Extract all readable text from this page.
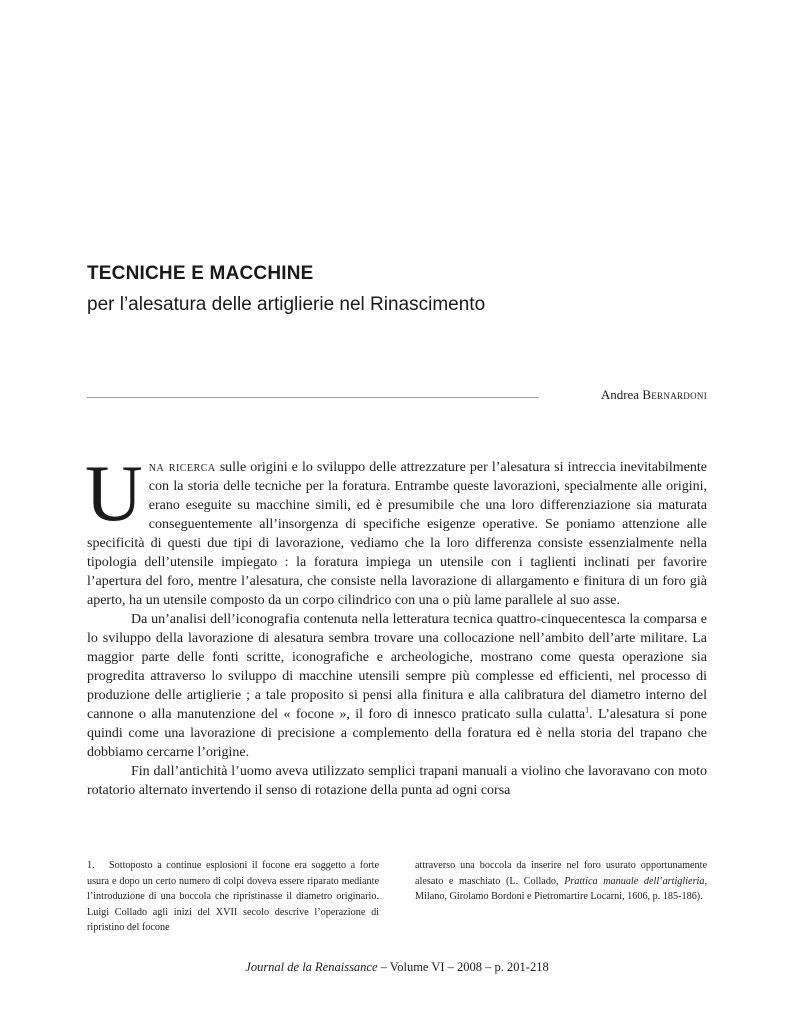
TECNICHE E MACCHINE
per l’alesatura delle artiglierie nel Rinascimento
Andrea Bernardoni

Una ricerca sulle origini e lo sviluppo delle attrezzature per l’alesatura si intreccia inevitabilmente con la storia delle tecniche per la foratura. Entrambe queste lavorazioni, specialmente alle origini, erano eseguite su macchine simili, ed è presumibile che una loro differenziazione sia maturata conseguentemente all’insorgenza di specifiche esigenze operative. Se poniamo attenzione alle specificità di questi due tipi di lavorazione, vediamo che la loro differenza consiste essenzialmente nella tipologia dell’utensile impiegato : la foratura impiega un utensile con i taglienti inclinati per favorire l’apertura del foro, mentre l’alesatura, che consiste nella lavorazione di allargamento e finitura di un foro già aperto, ha un utensile composto da un corpo cilindrico con una o più lame parallele al suo asse.

Da un’analisi dell’iconografia contenuta nella letteratura tecnica quattro-cinquecentesca la comparsa e lo sviluppo della lavorazione di alesatura sembra trovare una collocazione nell’ambito dell’arte militare. La maggior parte delle fonti scritte, iconografiche e archeologiche, mostrano come questa operazione sia progredita attraverso lo sviluppo di macchine utensili sempre più complesse ed efficienti, nel processo di produzione delle artiglierie ; a tale proposito si pensi alla finitura e alla calibratura del diametro interno del cannone o alla manutenzione del « focone », il foro di innesco praticato sulla culatta$^1$. L’alesatura si pone quindi come una lavorazione di precisione a complemento della foratura ed è nella storia del trapano che dobbiamo cercarne l’origine.

Fin dall’antichità l’uomo aveva utilizzato semplici trapani manuali a violino che lavoravano con moto rotatorio alternato invertendo il senso di rotazione della punta ad ogni corsa

1. Sottoposto a continue esplosioni il focone era soggetto a forte usura e dopo un certo numero di colpi doveva essere riparato mediante l’introduzione di una boccola che ripristinasse il diametro originario. Luigi Collado agli inizi del XVII secolo descrive l’operazione di ripristino del focone
attraverso una boccola da inserire nel foro usurato opportunamente alesato e maschiato (L. Collado, Prattica manuale dell’artiglieria, Milano, Girolamo Bordoni e Pietromartire Locarni, 1606, p. 185-186).
Journal de la Renaissance – Volume VI – 2008 – p. 201-218
